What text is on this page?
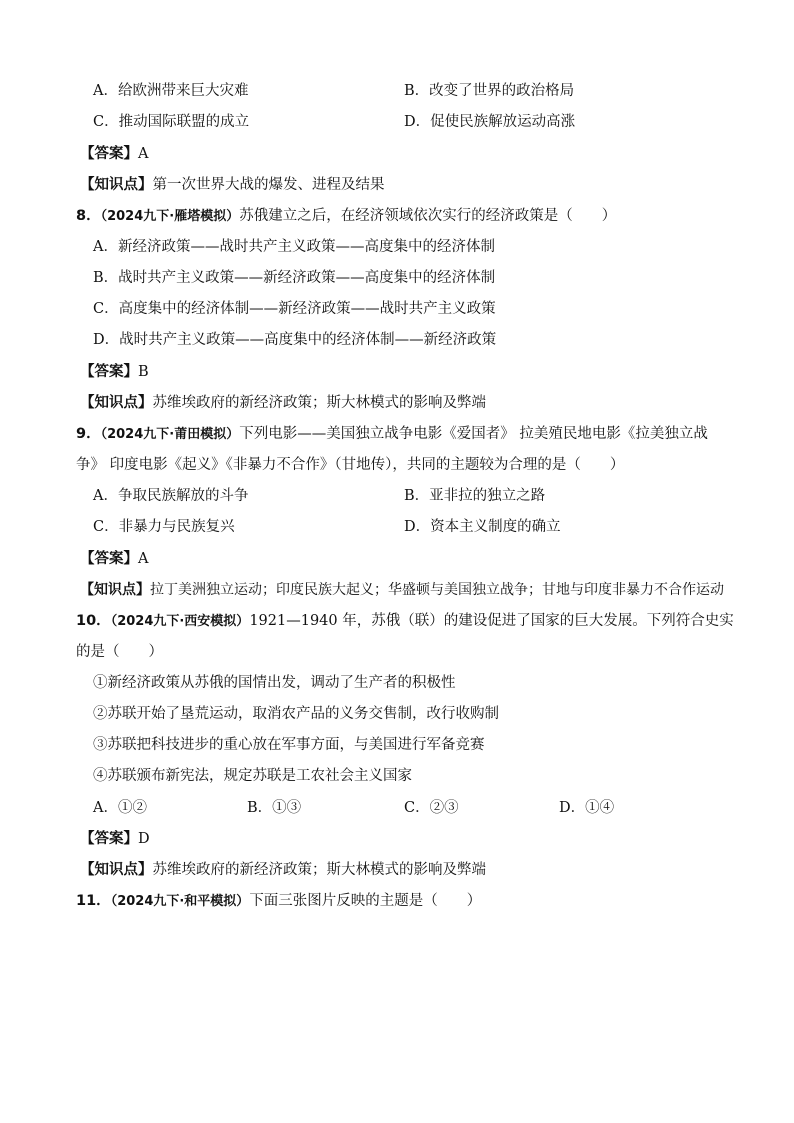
A．给欧洲带来巨大灾难	B．改变了世界的政治格局
C．推动国际联盟的成立	D．促使民族解放运动高涨
【答案】A
【知识点】第一次世界大战的爆发、进程及结果
8．（2024九下·雁塔模拟）苏俄建立之后，在经济领域依次实行的经济政策是（　　）
A．新经济政策——战时共产主义政策——高度集中的经济体制
B．战时共产主义政策——新经济政策——高度集中的经济体制
C．高度集中的经济体制——新经济政策——战时共产主义政策
D．战时共产主义政策——高度集中的经济体制——新经济政策
【答案】B
【知识点】苏维埃政府的新经济政策；斯大林模式的影响及弊端
9．（2024九下·莆田模拟）下列电影——美国独立战争电影《爱国者》 拉美殖民地电影《拉美独立战
争》 印度电影《起义》《非暴力不合作》（甘地传），共同的主题较为合理的是（　　）
A．争取民族解放的斗争	B．亚非拉的独立之路
C．非暴力与民族复兴	D．资本主义制度的确立
【答案】A
【知识点】拉丁美洲独立运动；印度民族大起义；华盛顿与美国独立战争；甘地与印度非暴力不合作运动
10．（2024九下·西安模拟）1921—1940 年，苏俄（联）的建设促进了国家的巨大发展。下列符合史实
的是（　　）
①新经济政策从苏俄的国情出发，调动了生产者的积极性
②苏联开始了垦荒运动，取消农产品的义务交售制，改行收购制
③苏联把科技进步的重心放在军事方面，与美国进行军备竞赛
④苏联颁布新宪法，规定苏联是工农社会主义国家
A．①②	B．①③	C．②③	D．①④
【答案】D
【知识点】苏维埃政府的新经济政策；斯大林模式的影响及弊端
11．（2024九下·和平模拟）下面三张图片反映的主题是（　　）
